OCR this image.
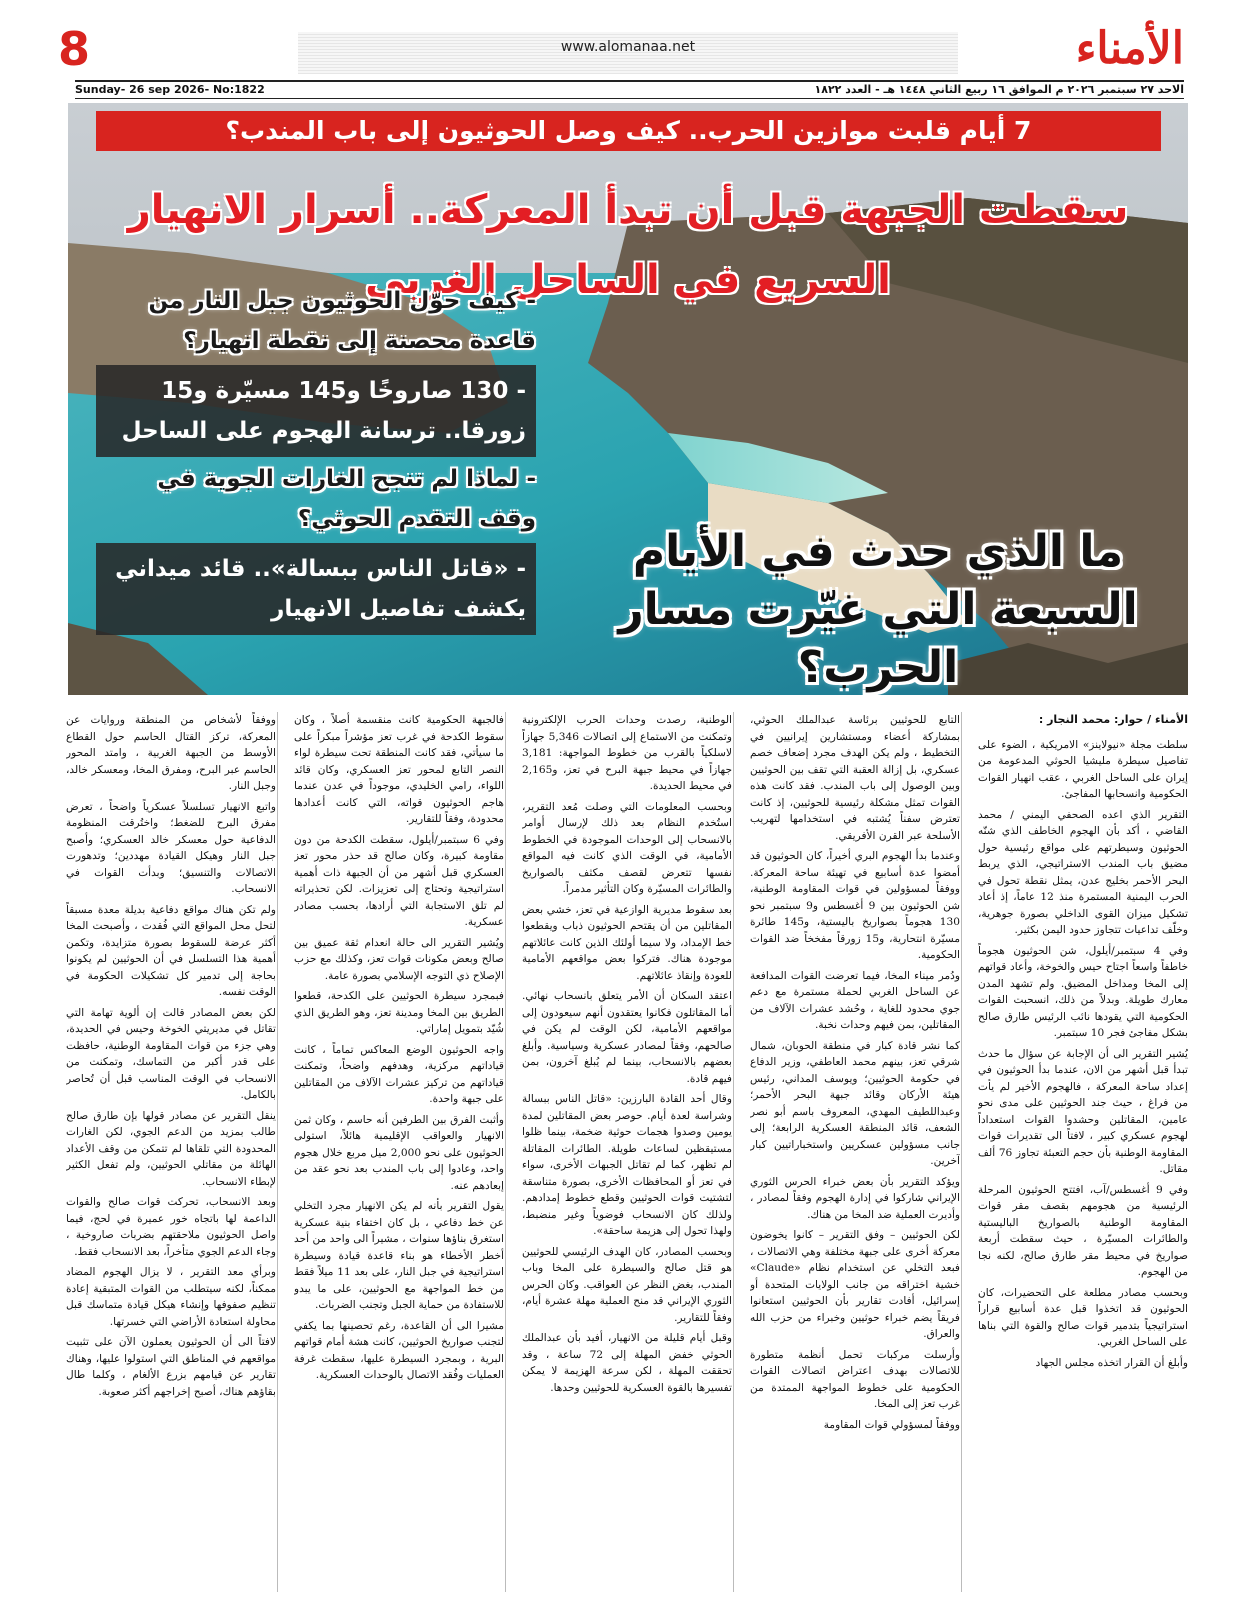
8	www.alomanaa.net	الأمناء
الاحد ٢٧ سبتمبر ٢٠٢٦ م الموافق ١٦ ربيع الثاني ١٤٤٨ هـ - العدد ١٨٢٢
Sunday- 26 sep 2026- No:1822
7 أيام قلبت موازين الحرب.. كيف وصل الحوثيون إلى باب المندب؟
سقطت الجبهة قبل أن تبدأ المعركة.. أسرار الانهيار السريع في الساحل الغربي
- كيف حوّل الحوثيون جبل النار من قاعدة محصنة إلى نقطة انهيار؟
- 130 صاروخًا و145 مسيّرة و15 زورقا.. ترسانة الهجوم على الساحل
- لماذا لم تنجح الغارات الجوية في وقف التقدم الحوثي؟
- «قاتل الناس ببسالة».. قائد ميداني يكشف تفاصيل الانهيار
ما الذي حدث في الأيام السبعة التي غيّرت مسار الحرب؟

الأمناء / حوار: محمد النجار :

سلطت مجلة «نيولاينز» الامريكية ، الضوء على تفاصيل سيطرة مليشيا الحوثي المدعومة من إيران على الساحل الغربي ، عقب انهيار القوات الحكومية وانسحابها المفاجئ.

التقرير الذي اعده الصحفي اليمني / محمد القاضي ، أكد بأن الهجوم الخاطف الذي شنّه الحوثيون وسيطرتهم على مواقع رئيسية حول مضيق باب المندب الاستراتيجي، الذي يربط البحر الأحمر بخليج عدن، يمثل نقطة تحول في الحرب اليمنية المستمرة منذ 12 عاماً، إذ أعاد تشكيل ميزان القوى الداخلي بصورة جوهرية، وخلّف تداعيات تتجاوز حدود اليمن بكثير.

وفي 4 سبتمبر/أيلول، شن الحوثيون هجوماً خاطفاً واسعاً اجتاح حيس والخوخة، وأعاد قواتهم إلى المخا ومداخل المضيق. ولم تشهد المدن معارك طويلة. وبدلاً من ذلك، انسحبت القوات الحكومية التي يقودها نائب الرئيس طارق صالح بشكل مفاجئ فجر 10 سبتمبر.

يُشير التقرير الى أن الإجابة عن سؤال ما حدث تبدأ قبل أشهر من الان، عندما بدأ الحوثيون في إعداد ساحة المعركة ، فالهجوم الأخير لم يأت من فراغ ، حيث جند الحوثيين على مدى نحو عامين، المقاتلين وحشدوا القوات استعداداً لهجوم عسكري كبير ، لافتاً الى تقديرات قوات المقاومة الوطنية بأن حجم التعبئة تجاوز 76 ألف مقاتل.

وفي 9 أغسطس/آب، افتتح الحوثيون المرحلة الرئيسية من هجومهم بقصف مقر قوات المقاومة الوطنية بالصواريخ الباليستية والطائرات المسيّرة ، حيث سقطت أربعة صواريخ في محيط مقر طارق صالح، لكنه نجا من الهجوم.

وبحسب مصادر مطلعة على التحضيرات، كان الحوثيون قد اتخذوا قبل عدة أسابيع قراراً استراتيجياً بتدمير قوات صالح والقوة التي بناها على الساحل الغربي.

وأبلغ أن القرار اتخذه مجلس الجهاد

التابع للحوثيين برئاسة عبدالملك الحوثي، بمشاركة أعضاء ومستشارين إيرانيين في التخطيط ، ولم يكن الهدف مجرد إضعاف خصم عسكري، بل إزالة العقبة التي تقف بين الحوثيين وبين الوصول إلى باب المندب. فقد كانت هذه القوات تمثل مشكلة رئيسية للحوثيين، إذ كانت تعترض سفناً يُشتبه في استخدامها لتهريب الأسلحة عبر القرن الأفريقي.

وعندما بدأ الهجوم البري أخيراً، كان الحوثيون قد أمضوا عدة أسابيع في تهيئة ساحة المعركة. ووفقاً لمسؤولين في قوات المقاومة الوطنية، شن الحوثيون بين 9 أغسطس و9 سبتمبر نحو 130 هجوماً بصواريخ باليستية، و145 طائرة مسيّرة انتحارية، و15 زورقاً مفخخاً ضد القوات الحكومية.

ودُمر ميناء المخا، فيما تعرضت القوات المدافعة عن الساحل الغربي لحملة مستمرة مع دعم جوي محدود للغاية ، وحُشد عشرات الآلاف من المقاتلين، بمن فيهم وحدات نخبة.

كما نشر قادة كبار في منطقة الحوبان، شمال شرقي تعز، بينهم محمد العاطفي، وزير الدفاع في حكومة الحوثيين؛ ويوسف المداني، رئيس هيئة الأركان وقائد جبهة البحر الأحمر؛ وعبداللطيف المهدي، المعروف باسم أبو نصر الشعف، قائد المنطقة العسكرية الرابعة؛ إلى جانب مسؤولين عسكريين واستخباراتيين كبار آخرين.

ويؤكد التقرير بأن بعض خبراء الحرس الثوري الإيراني شاركوا في إدارة الهجوم وفقاً لمصادر ، وأديرت العملية ضد المخا من هناك.

لكن الحوثيين – وفق التقرير – كانوا يخوضون معركة أخرى على جبهة مختلفة وهي الاتصالات ، فبعد التخلي عن استخدام نظام «Claude» خشية اختراقه من جانب الولايات المتحدة أو إسرائيل، أفادت تقارير بأن الحوثيين استعانوا فريقاً يضم خبراء حوثيين وخبراء من حزب الله والعراق.

وأرسلت مركبات تحمل أنظمة متطورة للاتصالات بهدف اعتراض اتصالات القوات الحكومية على خطوط المواجهة الممتدة من غرب تعز إلى المخا.

ووفقاً لمسؤولي قوات المقاومة

الوطنية، رصدت وحدات الحرب الإلكترونية وتمكنت من الاستماع إلى اتصالات 5,346 جهازاً لاسلكياً بالقرب من خطوط المواجهة: 3,181 جهازاً في محيط جبهة البرح في تعز، و2,165 في محيط الحديدة.

وبحسب المعلومات التي وصلت مُعد التقرير، استُخدم النظام بعد ذلك لإرسال أوامر بالانسحاب إلى الوحدات الموجودة في الخطوط الأمامية، في الوقت الذي كانت فيه المواقع نفسها تتعرض لقصف مكثف بالصواريخ والطائرات المسيّرة وكان التأثير مدمراً.

بعد سقوط مديرية الوازعية في تعز، خشي بعض المقاتلين من أن يقتحم الحوثيون ذباب ويقطعوا خط الإمداد، ولا سيما أولئك الذين كانت عائلاتهم موجودة هناك. فتركوا بعض مواقعهم الأمامية للعودة وإنقاذ عائلاتهم.

اعتقد السكان أن الأمر يتعلق بانسحاب نهائي. أما المقاتلون فكانوا يعتقدون أنهم سيعودون إلى مواقعهم الأمامية، لكن الوقت لم يكن في صالحهم، وفقاً لمصادر عسكرية وسياسية. وأبلغ بعضهم بالانسحاب، بينما لم يُبلغ آخرون، بمن فيهم قادة.

وقال أحد القادة البارزين: «قاتل الناس ببسالة وشراسة لعدة أيام. حوصر بعض المقاتلين لمدة يومين وصدوا هجمات حوثية ضخمة، بينما ظلوا مستيقظين لساعات طويلة. الطائرات المقاتلة لم تظهر، كما لم تقاتل الجبهات الأخرى، سواء في تعز أو المحافظات الأخرى، بصورة متناسقة لتشتيت قوات الحوثيين وقطع خطوط إمدادهم. ولذلك كان الانسحاب فوضوياً وغير منضبط، ولهذا تحول إلى هزيمة ساحقة».

وبحسب المصادر، كان الهدف الرئيسي للحوثيين هو قتل صالح والسيطرة على المخا وباب المندب، بغض النظر عن العواقب. وكان الحرس الثوري الإيراني قد منح العملية مهلة عشرة أيام، وفقاً للتقارير.

وقبل أيام قليلة من الانهيار، أفيد بأن عبدالملك الحوثي خفض المهلة إلى 72 ساعة ، وقد تحققت المهلة ، لكن سرعة الهزيمة لا يمكن تفسيرها بالقوة العسكرية للحوثيين وحدها.

فالجبهة الحكومية كانت منقسمة أصلاً ، وكان سقوط الكدحة في غرب تعز مؤشراً مبكراً على ما سيأتي، فقد كانت المنطقة تحت سيطرة لواء النصر التابع لمحور تعز العسكري، وكان قائد اللواء، رامي الخليدي، موجوداً في عدن عندما هاجم الحوثيون قواته، التي كانت أعدادها محدودة، وفقاً للتقارير.

وفي 6 سبتمبر/أيلول، سقطت الكدحة من دون مقاومة كبيرة، وكان صالح قد حذر محور تعز العسكري قبل أشهر من أن الجبهة ذات أهمية استراتيجية وتحتاج إلى تعزيزات. لكن تحذيراته لم تلق الاستجابة التي أرادها، بحسب مصادر عسكرية.

ويُشير التقرير الى حالة انعدام ثقة عميق بين صالح وبعض مكونات قوات تعز، وكذلك مع حزب الإصلاح ذي التوجه الإسلامي بصورة عامة.

فبمجرد سيطرة الحوثيين على الكدحة، قطعوا الطريق بين المخا ومدينة تعز، وهو الطريق الذي شُيّد بتمويل إماراتي.

واجه الحوثيون الوضع المعاكس تماماً ، كانت قياداتهم مركزية، وهدفهم واضحاً، وتمكنت قياداتهم من تركيز عشرات الآلاف من المقاتلين على جبهة واحدة.

وأثبت الفرق بين الطرفين أنه حاسم ، وكان ثمن الانهيار والعواقب الإقليمية هائلاً، استولى الحوثيون على نحو 2,000 ميل مربع خلال هجوم واحد، وعادوا إلى باب المندب بعد نحو عقد من إبعادهم عنه.

يقول التقرير بأنه لم يكن الانهيار مجرد التخلي عن خط دفاعي ، بل كان اختفاء بنية عسكرية استغرق بناؤها سنوات ، مشيراً الى واحد من أحد أخطر الأخطاء هو بناء قاعدة قيادة وسيطرة استراتيجية في جبل النار، على بعد 11 ميلاً فقط من خط المواجهة مع الحوثيين، على ما يبدو للاستفادة من حماية الجبل وتجنب الضربات.

مشيرا الى أن القاعدة، رغم تحصينها بما يكفي لتجنب صواريخ الحوثيين، كانت هشة أمام قواتهم البرية ، وبمجرد السيطرة عليها، سقطت غرفة العمليات وفُقد الاتصال بالوحدات العسكرية.

ووفقاً لأشخاص من المنطقة وروايات عن المعركة، تركز القتال الحاسم حول القطاع الأوسط من الجبهة الغربية ، وامتد المحور الحاسم عبر البرح، ومفرق المخا، ومعسكر خالد، وجبل النار.

واتبع الانهيار تسلسلاً عسكرياً واضحاً ، تعرض مفرق البرح للضغط؛ واختُرقت المنظومة الدفاعية حول معسكر خالد العسكري؛ وأصبح جبل النار وهيكل القيادة مهددين؛ وتدهورت الاتصالات والتنسيق؛ وبدأت القوات في الانسحاب.

ولم تكن هناك مواقع دفاعية بديلة معدة مسبقاً لتحل محل المواقع التي فُقدت ، وأصبحت المخا أكثر عرضة للسقوط بصورة متزايدة، وتكمن أهمية هذا التسلسل في أن الحوثيين لم يكونوا بحاجة إلى تدمير كل تشكيلات الحكومة في الوقت نفسه.

لكن بعض المصادر قالت إن ألوية تهامة التي تقاتل في مديريتي الخوخة وحيس في الحديدة، وهي جزء من قوات المقاومة الوطنية، حافظت على قدر أكبر من التماسك، وتمكنت من الانسحاب في الوقت المناسب قبل أن تُحاصر بالكامل.

ينقل التقرير عن مصادر قولها بإن طارق صالح طالب بمزيد من الدعم الجوي، لكن الغارات المحدودة التي تلقاها لم تتمكن من وقف الأعداد الهائلة من مقاتلي الحوثيين، ولم تفعل الكثير لإبطاء الانسحاب.

وبعد الانسحاب، تحركت قوات صالح والقوات الداعمة لها باتجاه خور عميرة في لحج، فيما واصل الحوثيون ملاحقتهم بضربات صاروخية ، وجاء الدعم الجوي متأخراً، بعد الانسحاب فقط.

وبرأي معد التقرير ، لا يزال الهجوم المضاد ممكناً، لكنه سيتطلب من القوات المتبقية إعادة تنظيم صفوفها وإنشاء هيكل قيادة متماسك قبل محاولة استعادة الأراضي التي خسرتها.

لافتاً الى أن الحوثيون يعملون الآن على تثبيت مواقعهم في المناطق التي استولوا عليها، وهناك تقارير عن قيامهم بزرع الألغام ، وكلما طال بقاؤهم هناك، أصبح إخراجهم أكثر صعوبة.
